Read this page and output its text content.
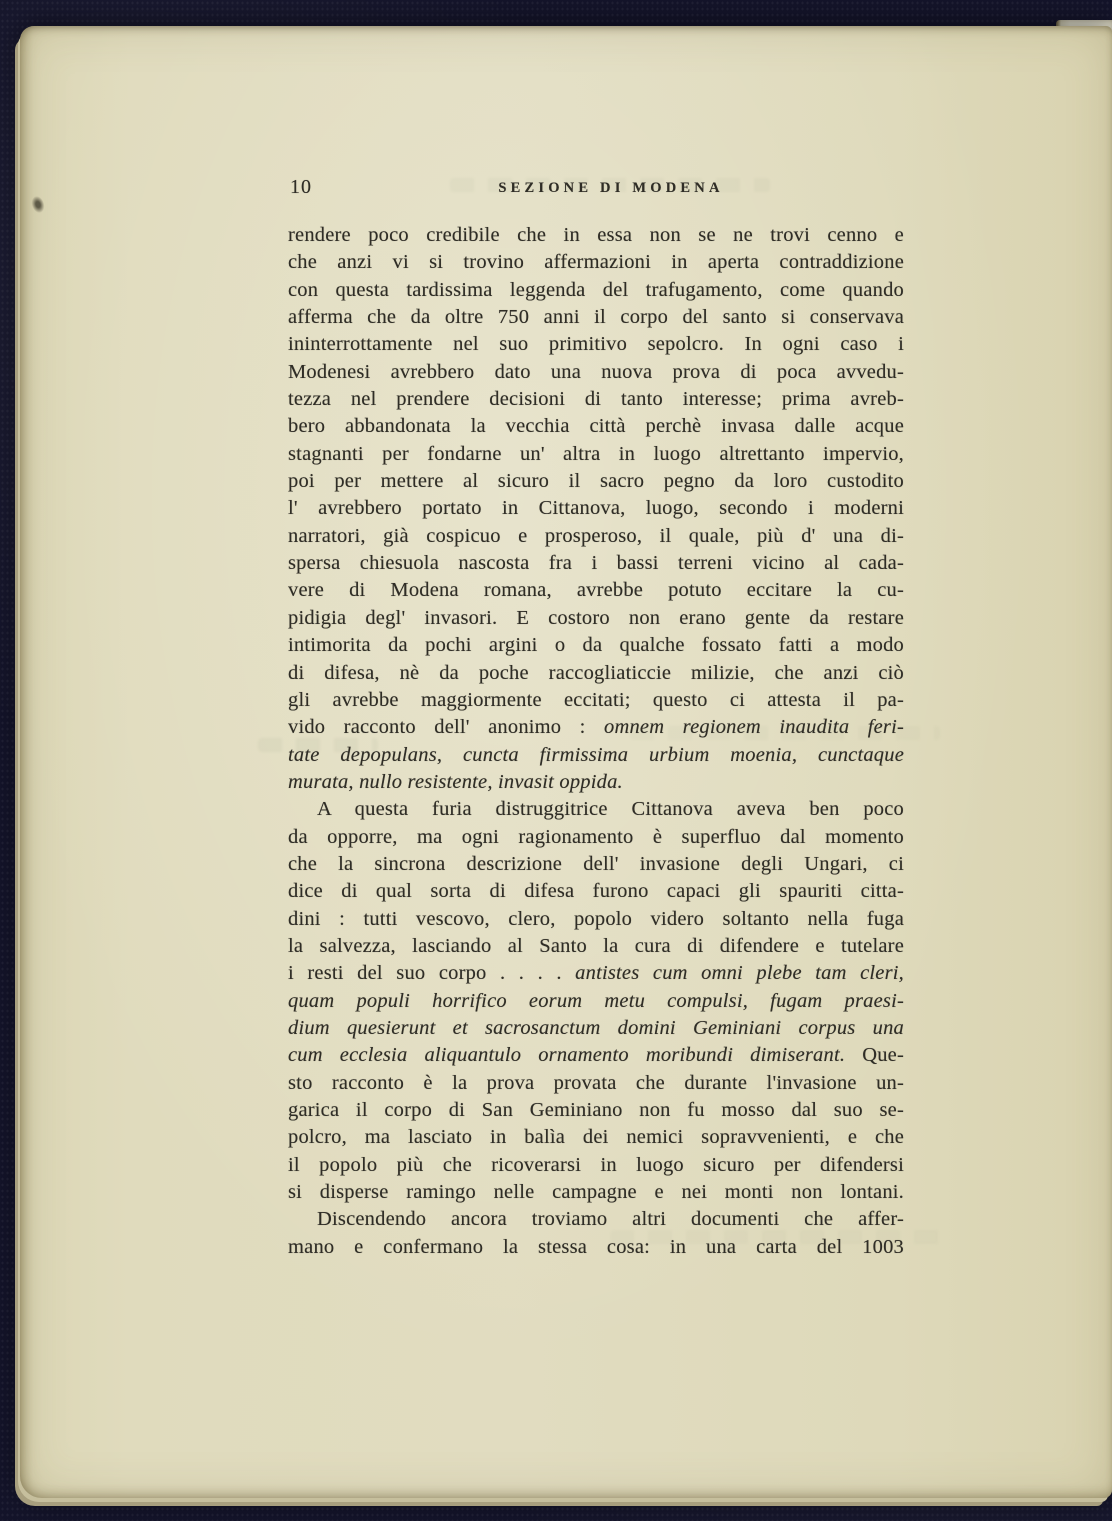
10	SEZIONE DI MODENA
rendere poco credibile che in essa non se ne trovi cenno e
che anzi vi si trovino affermazioni in aperta contraddizione
con questa tardissima leggenda del trafugamento, come quando
afferma che da oltre 750 anni il corpo del santo si conservava
ininterrottamente nel suo primitivo sepolcro. In ogni caso i
Modenesi avrebbero dato una nuova prova di poca avvedu-
tezza nel prendere decisioni di tanto interesse; prima avreb-
bero abbandonata la vecchia città perchè invasa dalle acque
stagnanti per fondarne un' altra in luogo altrettanto impervio,
poi per mettere al sicuro il sacro pegno da loro custodito
l' avrebbero portato in Cittanova, luogo, secondo i moderni
narratori, già cospicuo e prosperoso, il quale, più d' una di-
spersa chiesuola nascosta fra i bassi terreni vicino al cada-
vere di Modena romana, avrebbe potuto eccitare la cu-
pidigia degl' invasori. E costoro non erano gente da restare
intimorita da pochi argini o da qualche fossato fatti a modo
di difesa, nè da poche raccogliaticcie milizie, che anzi ciò
gli avrebbe maggiormente eccitati; questo ci attesta il pa-
vido racconto dell' anonimo : omnem regionem inaudita feri-
tate depopulans, cuncta firmissima urbium moenia, cunctaque
murata, nullo resistente, invasit oppida.
A questa furia distruggitrice Cittanova aveva ben poco
da opporre, ma ogni ragionamento è superfluo dal momento
che la sincrona descrizione dell' invasione degli Ungari, ci
dice di qual sorta di difesa furono capaci gli spauriti citta-
dini : tutti vescovo, clero, popolo videro soltanto nella fuga
la salvezza, lasciando al Santo la cura di difendere e tutelare
i resti del suo corpo . . . . antistes cum omni plebe tam cleri,
quam populi horrifico eorum metu compulsi, fugam praesi-
dium quesierunt et sacrosanctum domini Geminiani corpus una
cum ecclesia aliquantulo ornamento moribundi dimiserant. Que-
sto racconto è la prova provata che durante l'invasione un-
garica il corpo di San Geminiano non fu mosso dal suo se-
polcro, ma lasciato in balìa dei nemici sopravvenienti, e che
il popolo più che ricoverarsi in luogo sicuro per difendersi
si disperse ramingo nelle campagne e nei monti non lontani.
Discendendo ancora troviamo altri documenti che affer-
mano e confermano la stessa cosa: in una carta del 1003
